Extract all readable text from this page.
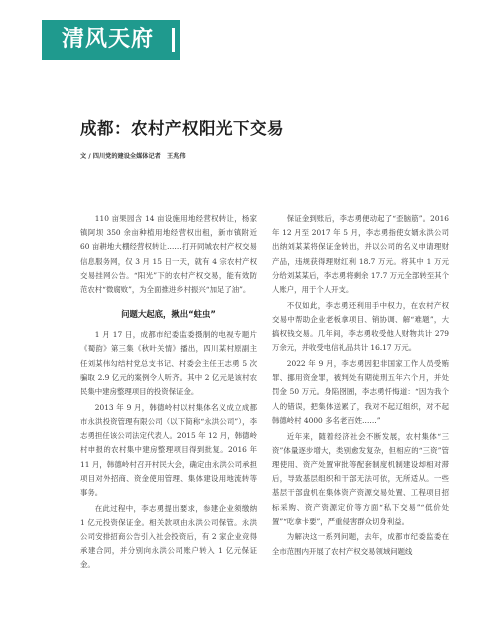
清风天府
成都：农村产权阳光下交易
文 / 四川党的建设全媒体记者　王兆伟

110 亩果园含 14 亩设施用地经营权转让，杨家镇阿坝 350 余亩种植用地经营权出租，新市镇附近 60 亩耕地大棚经营权转让……打开同城农村产权交易信息服务网，仅 3 月 15 日一天，就有 4 宗农村产权交易挂网公告。“阳光”下的农村产权交易，能有效防范农村“微腐败”，为全面推进乡村振兴“加足了油”。

问题大起底，揪出“蛀虫”

1 月 17 日，成都市纪委监委摄制的电视专题片《蜀韵》第三集《秋叶关情》播出，四川某村原副主任刘某伟勾结村党总支书记、村委会主任王志勇 5 次骗取 2.9 亿元的案例令人听齐。其中 2 亿元是该村农民集中建房整理项目的投资保证金。

2013 年 9 月，韩德岭村以村集体名义成立成都市永洪投资管理有限公司（以下简称“永洪公司”），李志勇担任该公司法定代表人。2015 年 12 月，韩德岭村申报的农村集中建房整理项目得到批复。2016 年 11 月，韩德岭村召开村民大会，确定由永洪公司承担项目对外招商、资金使用管理、集体建设用地流转等事务。

在此过程中，李志勇提出要求，参建企业须缴纳 1 亿元投资保证金。相关款项由永洪公司保管。永洪公司安排招商公告引入社会投资后，有 2 家企业竞得承建合同，并分别向永洪公司账户转入 1 亿元保证金。

保证金到账后，李志勇便动起了“歪脑筋”。2016 年 12 月至 2017 年 5 月，李志勇指使女婿永洪公司出纳刘某某将保证金转出，并以公司的名义申请理财产品，违规获得理财红利 18.7 万元。将其中 1 万元分给刘某某后，李志勇将剩余 17.7 万元全部转至其个人账户，用于个人开支。

不仅如此，李志勇还利用手中权力，在农村产权交易中帮助企业老板拿项目、销协调、解“难题”，大搞权钱交易。几年间，李志勇收受他人财物共计 279 万余元，并收受电信礼品共计 16.17 万元。

2022 年 9 月，李志勇因犯非国家工作人员受贿罪、挪用资金罪，被判处有期徒刑五年六个月，并处罚金 50 万元。身陷囹圄，李志勇忏悔道：“因为我个人的错误，把集体送累了，我对不起辽组织，对不起韩德岭村 4000 多名老百姓……”

近年来，随着经济社会不断发展，农村集体“三资”体量逐步增大，类别愈发复杂，但相应的“三资”管理使用、资产处置审批等配套制度机制建设却相对滞后，导致基层组织和干部无法可依，无所适从。一些基层干部盘机在集体资产资源交易处置、工程项目招标采购、资产资源定价等方面“私下交易”“低价处置”“吃拿卡要”，严重侵害群众切身利益。

为解决这一系列问题，去年，成都市纪委监委在全市范围内开展了农村产权交易领域问题线
